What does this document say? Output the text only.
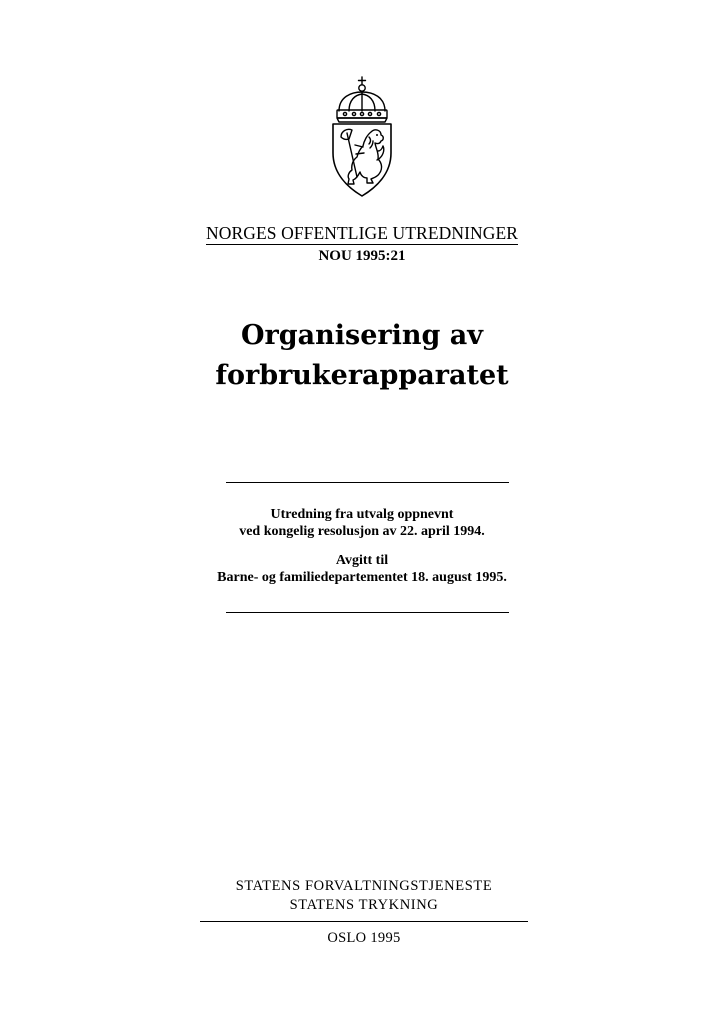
NORGES OFFENTLIGE UTREDNINGER
NOU 1995:21
Organisering av
forbrukerapparatet
Utredning fra utvalg oppnevnt
ved kongelig resolusjon av 22. april 1994.
Avgitt til
Barne- og familiedepartementet 18. august 1995.
STATENS FORVALTNINGSTJENESTE
STATENS TRYKNING
OSLO 1995
